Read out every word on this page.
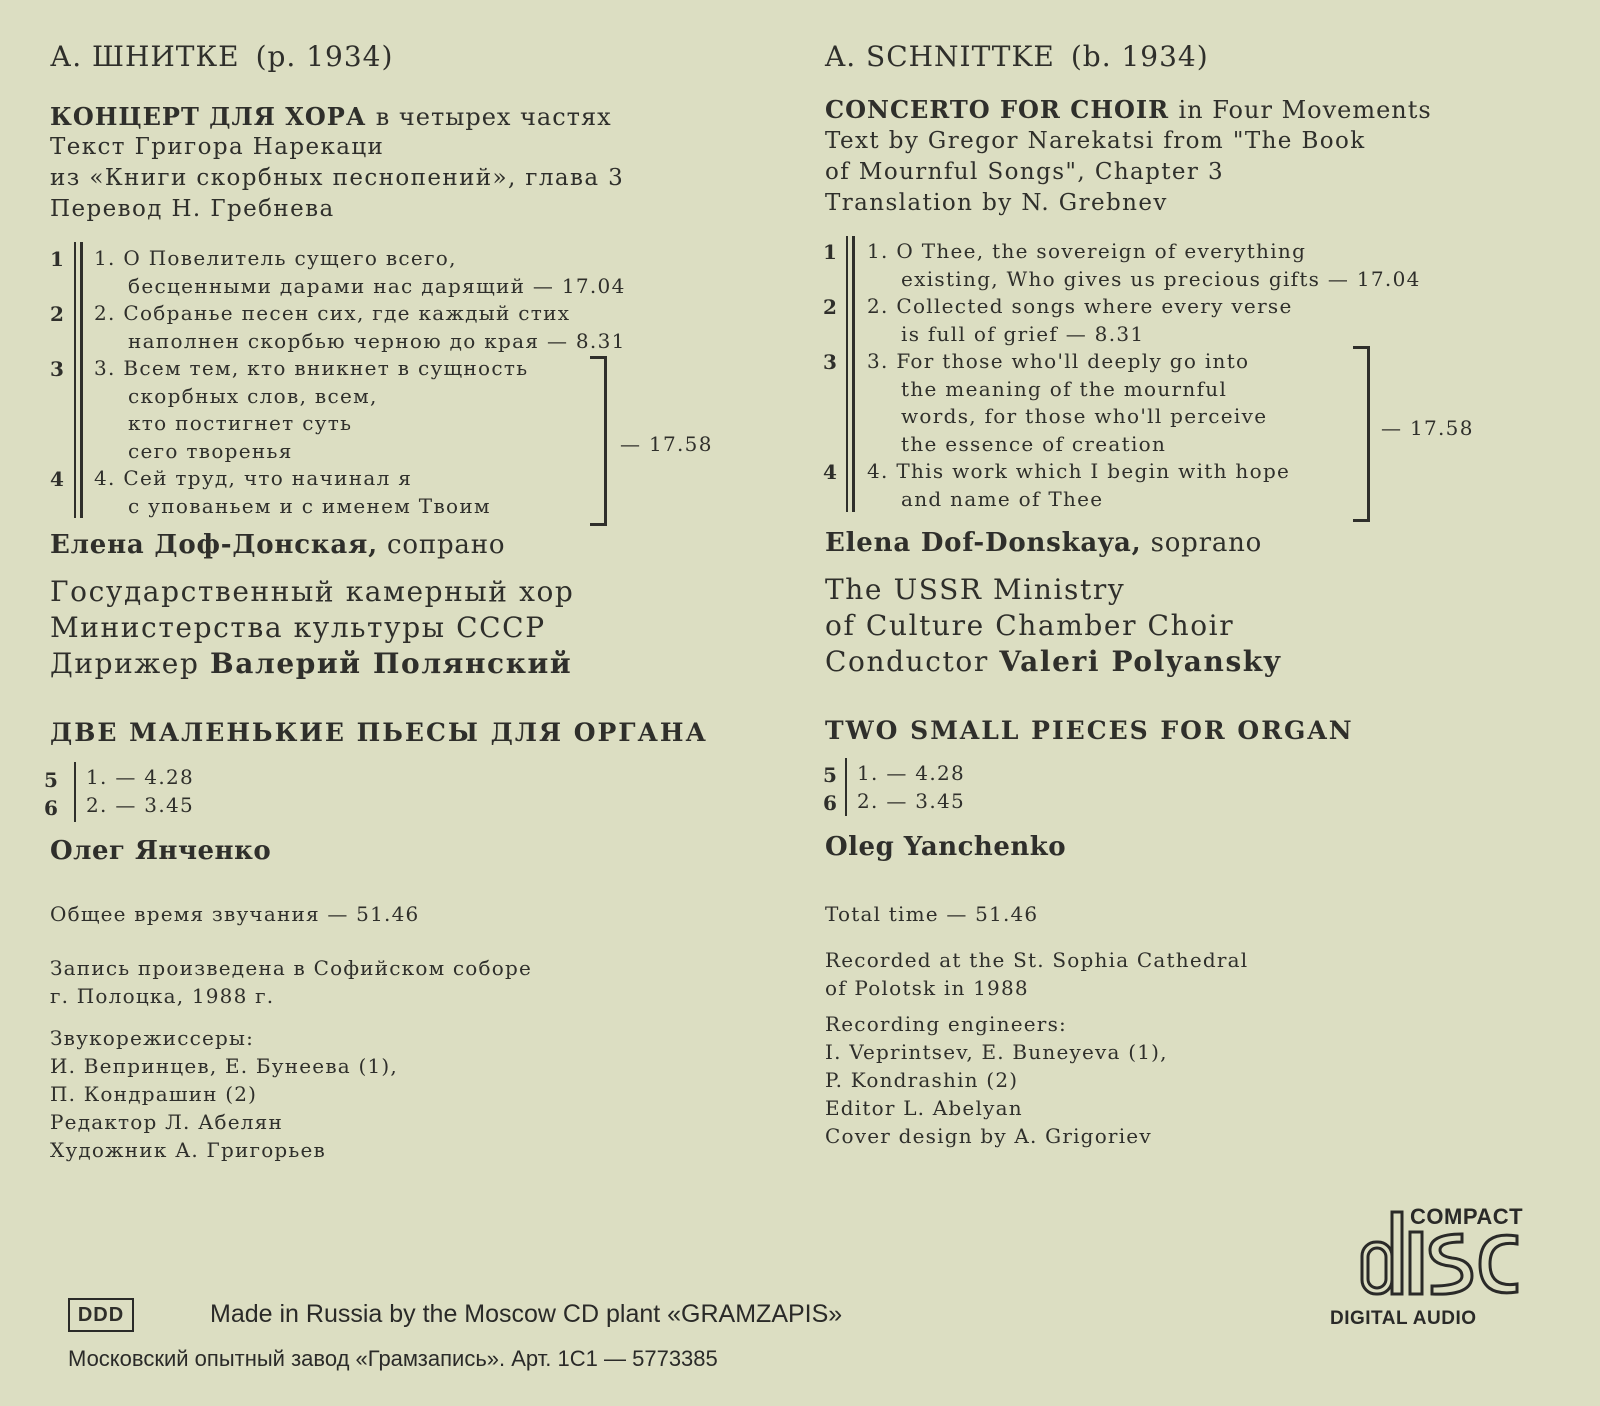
А. ШНИТКЕ (р. 1934)
КОНЦЕРТ ДЛЯ ХОРА в четырех частях
Текст Григора Нарекаци
из «Книги скорбных песнопений», глава 3
Перевод Н. Гребнева
1 1. О Повелитель сущего всего,
бесценными дарами нас дарящий — 17.04
2 2. Собранье песен сих, где каждый стих
наполнен скорбью черною до края — 8.31
3 3. Всем тем, кто вникнет в сущность
скорбных слов, всем,
кто постигнет суть
сего творенья
4 4. Сей труд, что начинал я
с упованьем и с именем Твоим
— 17.58
Елена Доф-Донская, сопрано
Государственный камерный хор
Министерства культуры СССР
Дирижер Валерий Полянский
ДВЕ МАЛЕНЬКИЕ ПЬЕСЫ ДЛЯ ОРГАНА
5 1. — 4.28
6 2. — 3.45
Олег Янченко
Общее время звучания — 51.46
Запись произведена в Софийском соборе
г. Полоцка, 1988 г.
Звукорежиссеры:
И. Вепринцев, Е. Бунеева (1),
П. Кондрашин (2)
Редактор Л. Абелян
Художник А. Григорьев
A. SCHNITTKE (b. 1934)
CONCERTO FOR CHOIR in Four Movements
Text by Gregor Narekatsi from "The Book
of Mournful Songs", Chapter 3
Translation by N. Grebnev
1 1. O Thee, the sovereign of everything
existing, Who gives us precious gifts — 17.04
2 2. Collected songs where every verse
is full of grief — 8.31
3 3. For those who'll deeply go into
the meaning of the mournful
words, for those who'll perceive
the essence of creation
4 4. This work which I begin with hope
and name of Thee
— 17.58
Elena Dof-Donskaya, soprano
The USSR Ministry
of Culture Chamber Choir
Conductor Valeri Polyansky
TWO SMALL PIECES FOR ORGAN
5 1. — 4.28
6 2. — 3.45
Oleg Yanchenko
Total time — 51.46
Recorded at the St. Sophia Cathedral
of Polotsk in 1988
Recording engineers:
I. Veprintsev, E. Buneyeva (1),
P. Kondrashin (2)
Editor L. Abelyan
Cover design by A. Grigoriev
DDD	Made in Russia by the Moscow CD plant «GRAMZAPIS»
Московский опытный завод «Грамзапись». Арт. 1С1 — 5773385
COMPACT
DIGITAL AUDIO
